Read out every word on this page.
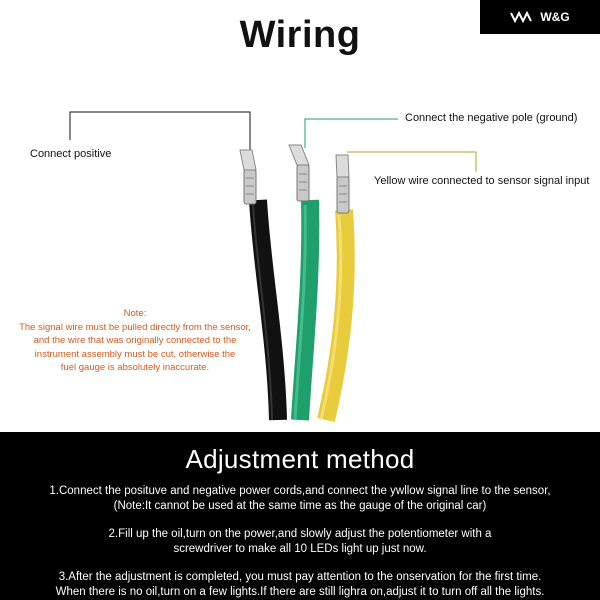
W&G
Wiring
Connect positive
Connect the negative pole (ground)
Yellow wire connected to sensor signal input
Note:
The signal wire must be pulled directly from the sensor,
and the wire that was originally connected to the
instrument assembly must be cut, otherwise the
fuel gauge is absolutely inaccurate.
Adjustment method
1.Connect the posituve and negative power cords,and connect the ywllow signal line to the sensor,
(Note:It cannot be used at the same time as the gauge of the original car)
2.Fill up the oil,turn on the power,and slowly adjust the potentiometer with a
screwdriver to make all 10 LEDs light up just now.
3.After the adjustment is completed, you must pay attention to the onservation for the first time.
When there is no oil,turn on a few lights.If there are still lighra on,adjust it to turn off all the lights.
